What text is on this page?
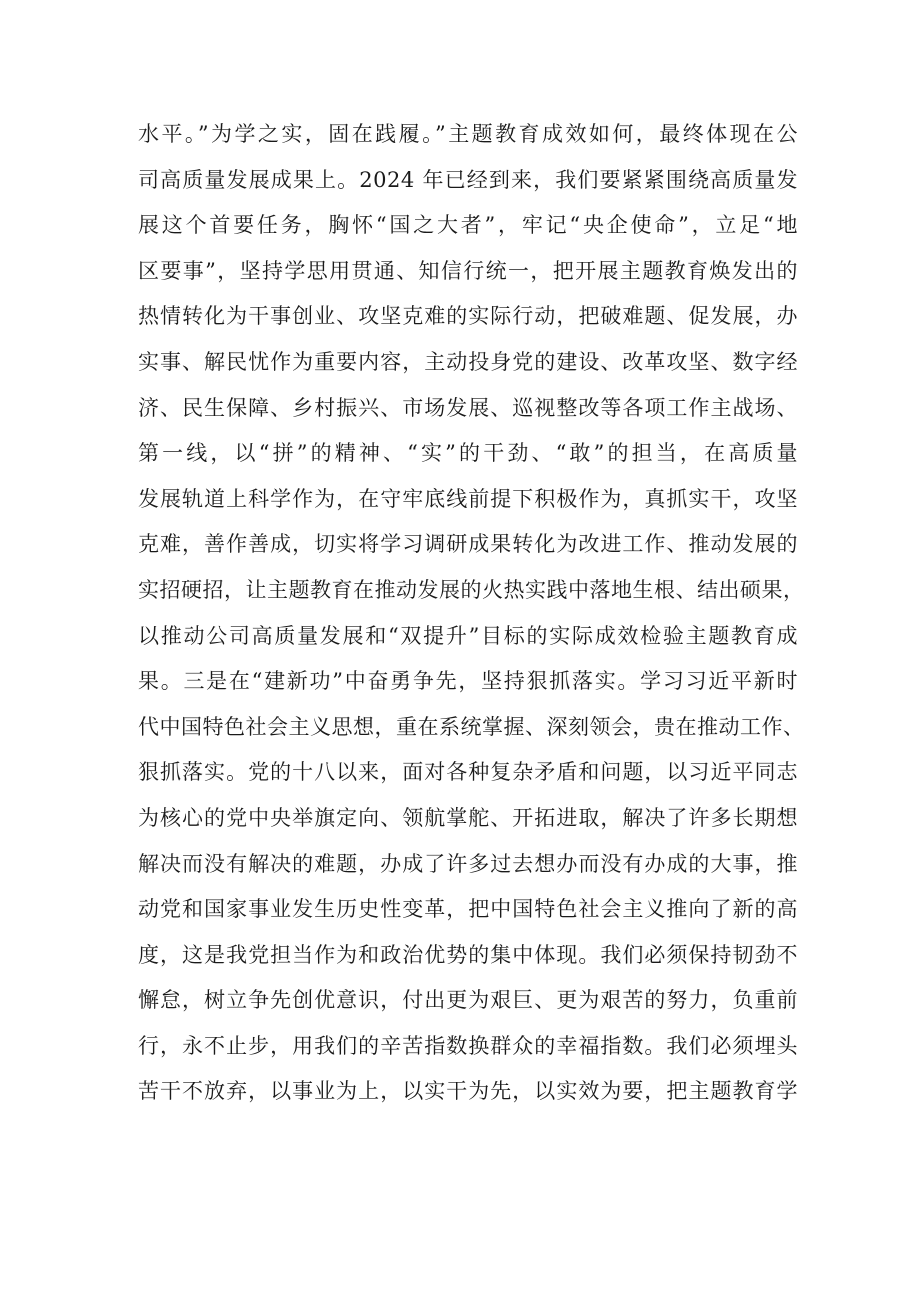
水平。”为学之实，固在践履。”主题教育成效如何，最终体现在公
司高质量发展成果上。2024 年已经到来，我们要紧紧围绕高质量发
展这个首要任务，胸怀“国之大者”，牢记“央企使命”，立足“地
区要事”，坚持学思用贯通、知信行统一，把开展主题教育焕发出的
热情转化为干事创业、攻坚克难的实际行动，把破难题、促发展，办
实事、解民忧作为重要内容，主动投身党的建设、改革攻坚、数字经
济、民生保障、乡村振兴、市场发展、巡视整改等各项工作主战场、
第一线，以“拼”的精神、“实”的干劲、“敢”的担当，在高质量
发展轨道上科学作为，在守牢底线前提下积极作为，真抓实干，攻坚
克难，善作善成，切实将学习调研成果转化为改进工作、推动发展的
实招硬招，让主题教育在推动发展的火热实践中落地生根、结出硕果，
以推动公司高质量发展和“双提升”目标的实际成效检验主题教育成
果。三是在“建新功”中奋勇争先，坚持狠抓落实。学习习近平新时
代中国特色社会主义思想，重在系统掌握、深刻领会，贵在推动工作、
狠抓落实。党的十八以来，面对各种复杂矛盾和问题，以习近平同志
为核心的党中央举旗定向、领航掌舵、开拓进取，解决了许多长期想
解决而没有解决的难题，办成了许多过去想办而没有办成的大事，推
动党和国家事业发生历史性变革，把中国特色社会主义推向了新的高
度，这是我党担当作为和政治优势的集中体现。我们必须保持韧劲不
懈怠，树立争先创优意识，付出更为艰巨、更为艰苦的努力，负重前
行，永不止步，用我们的辛苦指数换群众的幸福指数。我们必须埋头
苦干不放弃，以事业为上，以实干为先，以实效为要，把主题教育学
